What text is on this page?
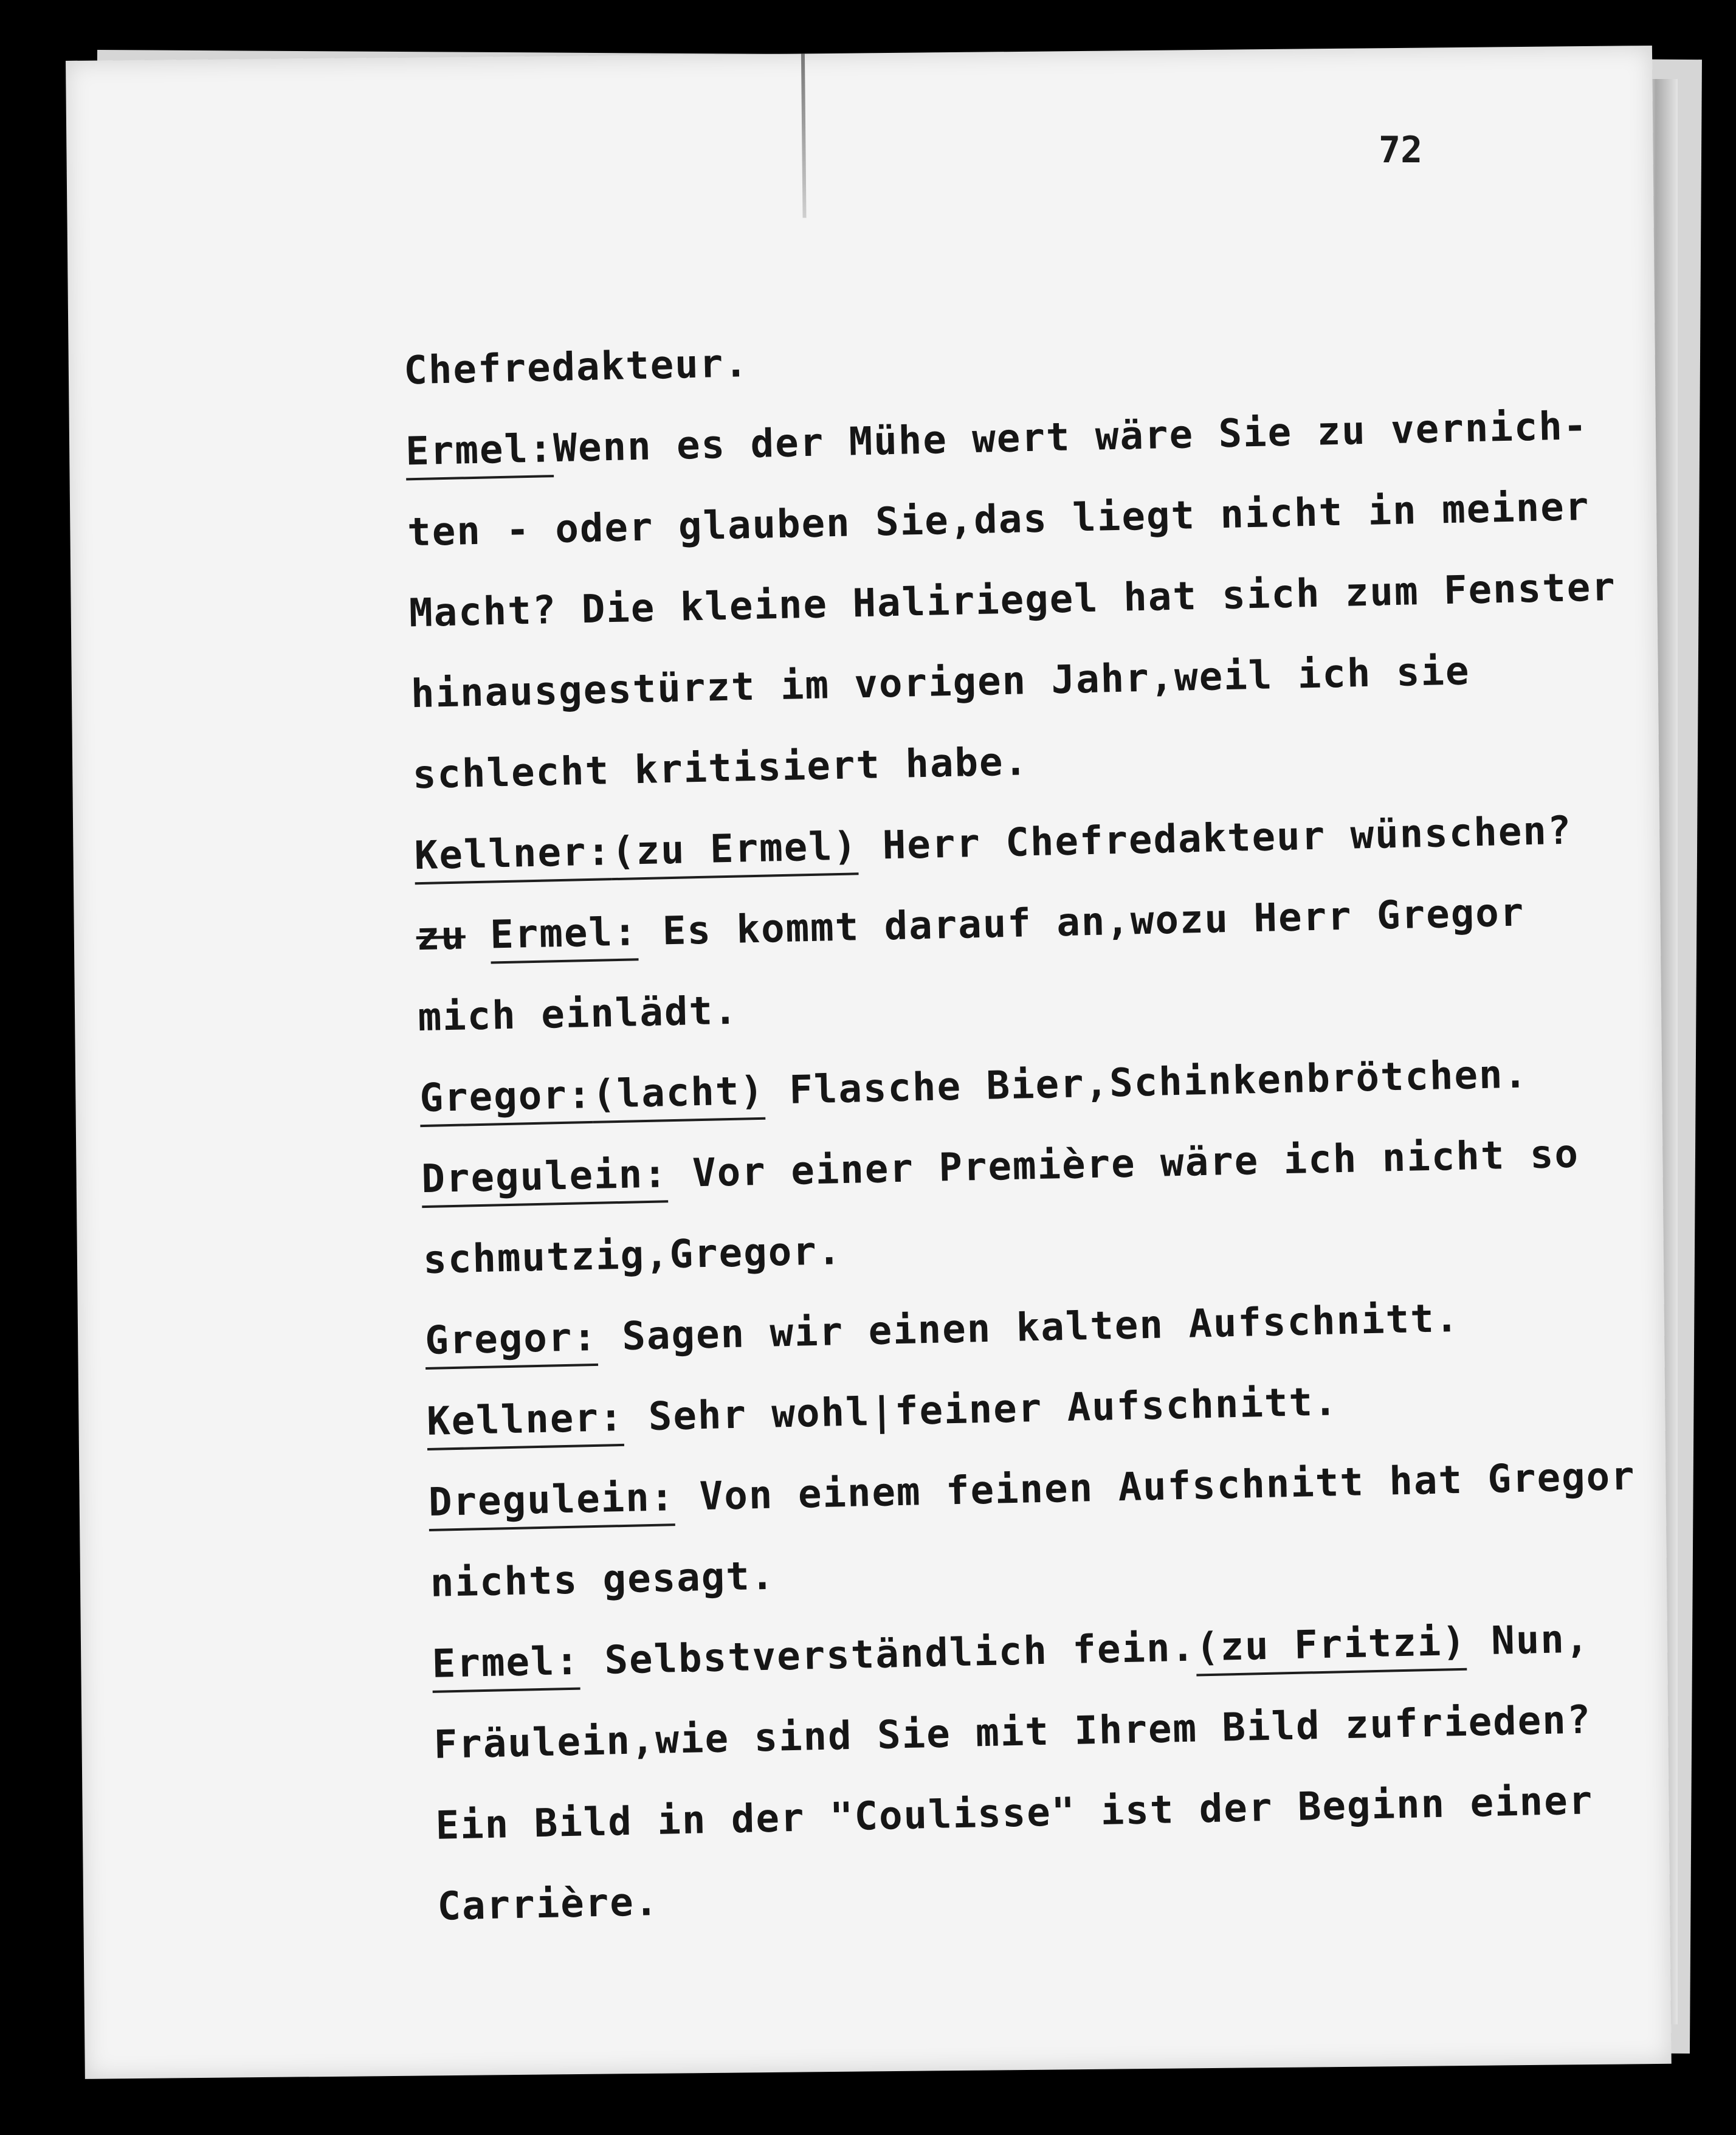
72

Chefredakteur.

Ermel:Wenn es der Mühe wert wäre Sie zu vernich-

ten - oder glauben Sie,das liegt nicht in meiner

Macht? Die kleine Haliriegel hat sich zum Fenster

hinausgestürzt im vorigen Jahr,weil ich sie

schlecht kritisiert habe.

Kellner:(zu Ermel) Herr Chefredakteur wünschen?

zu Ermel: Es kommt darauf an,wozu Herr Gregor

mich einlädt.

Gregor:(lacht) Flasche Bier,Schinkenbrötchen.

Dregulein: Vor einer Première wäre ich nicht so

schmutzig,Gregor.

Gregor: Sagen wir einen kalten Aufschnitt.

Kellner: Sehr wohl|feiner Aufschnitt.

Dregulein: Von einem feinen Aufschnitt hat Gregor

nichts gesagt.

Ermel: Selbstverständlich fein.(zu Fritzi) Nun,

Fräulein,wie sind Sie mit Ihrem Bild zufrieden?

Ein Bild in der "Coulisse" ist der Beginn einer

Carrière.
